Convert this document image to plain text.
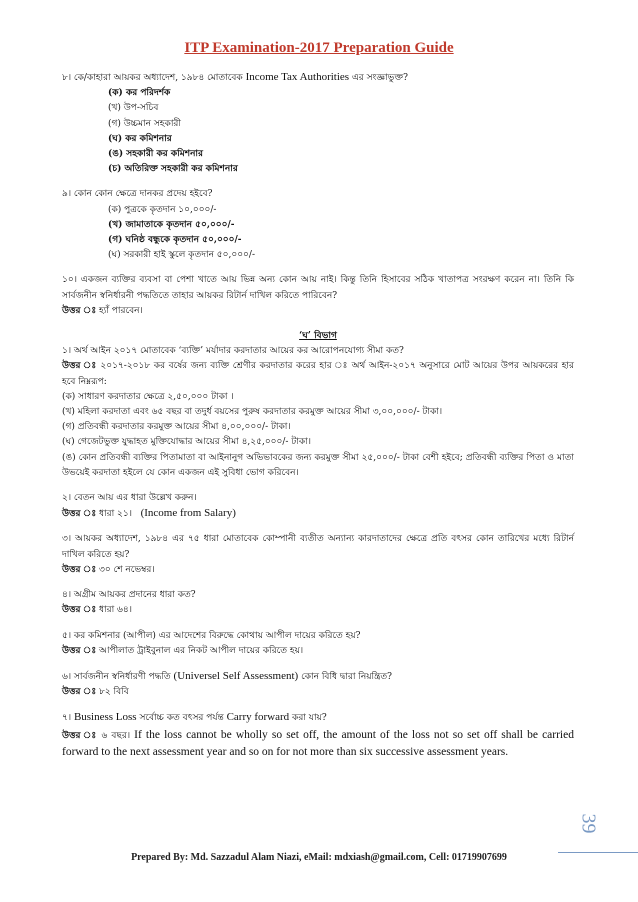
ITP Examination-2017 Preparation Guide

৮। কে/কাহারা আয়কর অধ্যাদেশ, ১৯৮৪ মোতাবেক Income Tax Authorities এর সংজ্ঞাভুক্ত?

(ক) কর পরিদর্শক

(খ) উপ-সচিব

(গ) উচ্চমান সহকারী

(ঘ) কর কমিশনার

(ঙ) সহকারী কর কমিশনার

(চ) অতিরিক্ত সহকারী কর কমিশনার

৯। কোন কোন ক্ষেত্রে দানকর প্রদেয় হইবে?

(ক) পুত্রকে কৃতদান ১০,০০০/-

(খ) জামাতাকে কৃতদান ৫০,০০০/-

(গ) ঘনিষ্ঠ বন্ধুকে কৃতদান ৫০,০০০/-

(ঘ) সরকারী হাই স্কুলে কৃতদান ৫০,০০০/-

১০। একজন ব্যক্তির ব্যবসা বা পেশা খাতে আয় ভিন্ন অন্য কোন আয় নাই। কিন্তু তিনি হিসাবের সঠিক খাতাপত্র সংরক্ষণ করেন না। তিনি কি সার্বজনীন স্বনির্ধারনী পদ্ধতিতে তাহার আয়কর রিটার্ন দাখিল করিতে পারিবেন?

উত্তর ঃ হ্যাঁ পারবেন।

‘ঘ’ বিভাগ

১। অর্থ আইন ২০১৭ মোতাবেক ‘ব্যক্তি’ মর্যাদার করদাতার আয়ের কর আরোপনযোগ্য সীমা কত?

উত্তর ঃ ২০১৭-২০১৮ কর বর্ষের জন্য ব্যক্তি শ্রেণীর করদাতার করের হার ঃ অর্থ আইন-২০১৭ অনুসারে মোট আয়ের উপর আয়করের হার হবে নিম্নরূপ:

(ক) সাধারণ করদাতার ক্ষেত্রে ২,৫০,০০০ টাকা ।

(খ) মহিলা করদাতা এবং ৬৫ বছর বা তদুর্ধ বয়সের পুরুষ করদাতার করমুক্ত আয়ের সীমা ৩,০০,০০০/- টাকা।

(গ) প্রতিবন্ধী করদাতার করমুক্ত আয়ের সীমা ৪,০০,০০০/- টাকা।

(ঘ) গেজেটভুক্ত যুদ্ধাহত মুক্তিযোদ্ধার আয়ের সীমা ৪,২৫,০০০/- টাকা।

(ঙ) কোন প্রতিবন্ধী ব্যক্তির পিতামাতা বা আইনানুগ অভিভাবকের জন্য করমুক্ত সীমা ২৫,০০০/- টাকা বেশী হইবে; প্রতিবন্ধী ব্যক্তির পিতা ও মাতা উভয়েই করদাতা হইলে যে কোন একজন এই সুবিধা ভোগ করিবেন।

২। বেতন আয় এর ধারা উল্লেখ করুন।

উত্তর ঃ ধারা ২১। (Income from Salary)

৩। আয়কর অধ্যাদেশ, ১৯৮৪ এর ৭৫ ধারা মোতাবেক কোম্পানী ব্যতীত অন্যান্য কারদাতাদের ক্ষেত্রে প্রতি বৎসর কোন তারিখের মধ্যে রিটার্ন দাখিল করিতে হয়?

উত্তর ঃ ৩০ শে নভেম্বর।

৪। অগ্রীম আয়কর প্রদানের ধারা কত?

উত্তর ঃ ধারা ৬৪।

৫। কর কমিশনার (আপীল) এর আদেশের বিরুদ্ধে কোথায় আপীল দায়ের করিতে হয়?

উত্তর ঃ আপীলাত ট্রাইবুনাল এর নিকট আপীল দায়ের করিতে হয়।

৬। সার্বজনীন স্বনির্ধারণী পদ্ধতি (Universel Self Assessment) কোন বিধি দ্বারা নিয়ন্ত্রিত?

উত্তর ঃ ৮২ বিবি

৭। Business Loss সর্বোচ্চ কত বৎসর পর্যন্ত Carry forward করা যায়?

উত্তর ঃ ৬ বছর। If the loss cannot be wholly so set off, the amount of the loss not so set off shall be carried forward to the next assessment year and so on for not more than six successive assessment years.

39
Prepared By: Md. Sazzadul Alam Niazi, eMail: mdxiash@gmail.com, Cell: 01719907699
